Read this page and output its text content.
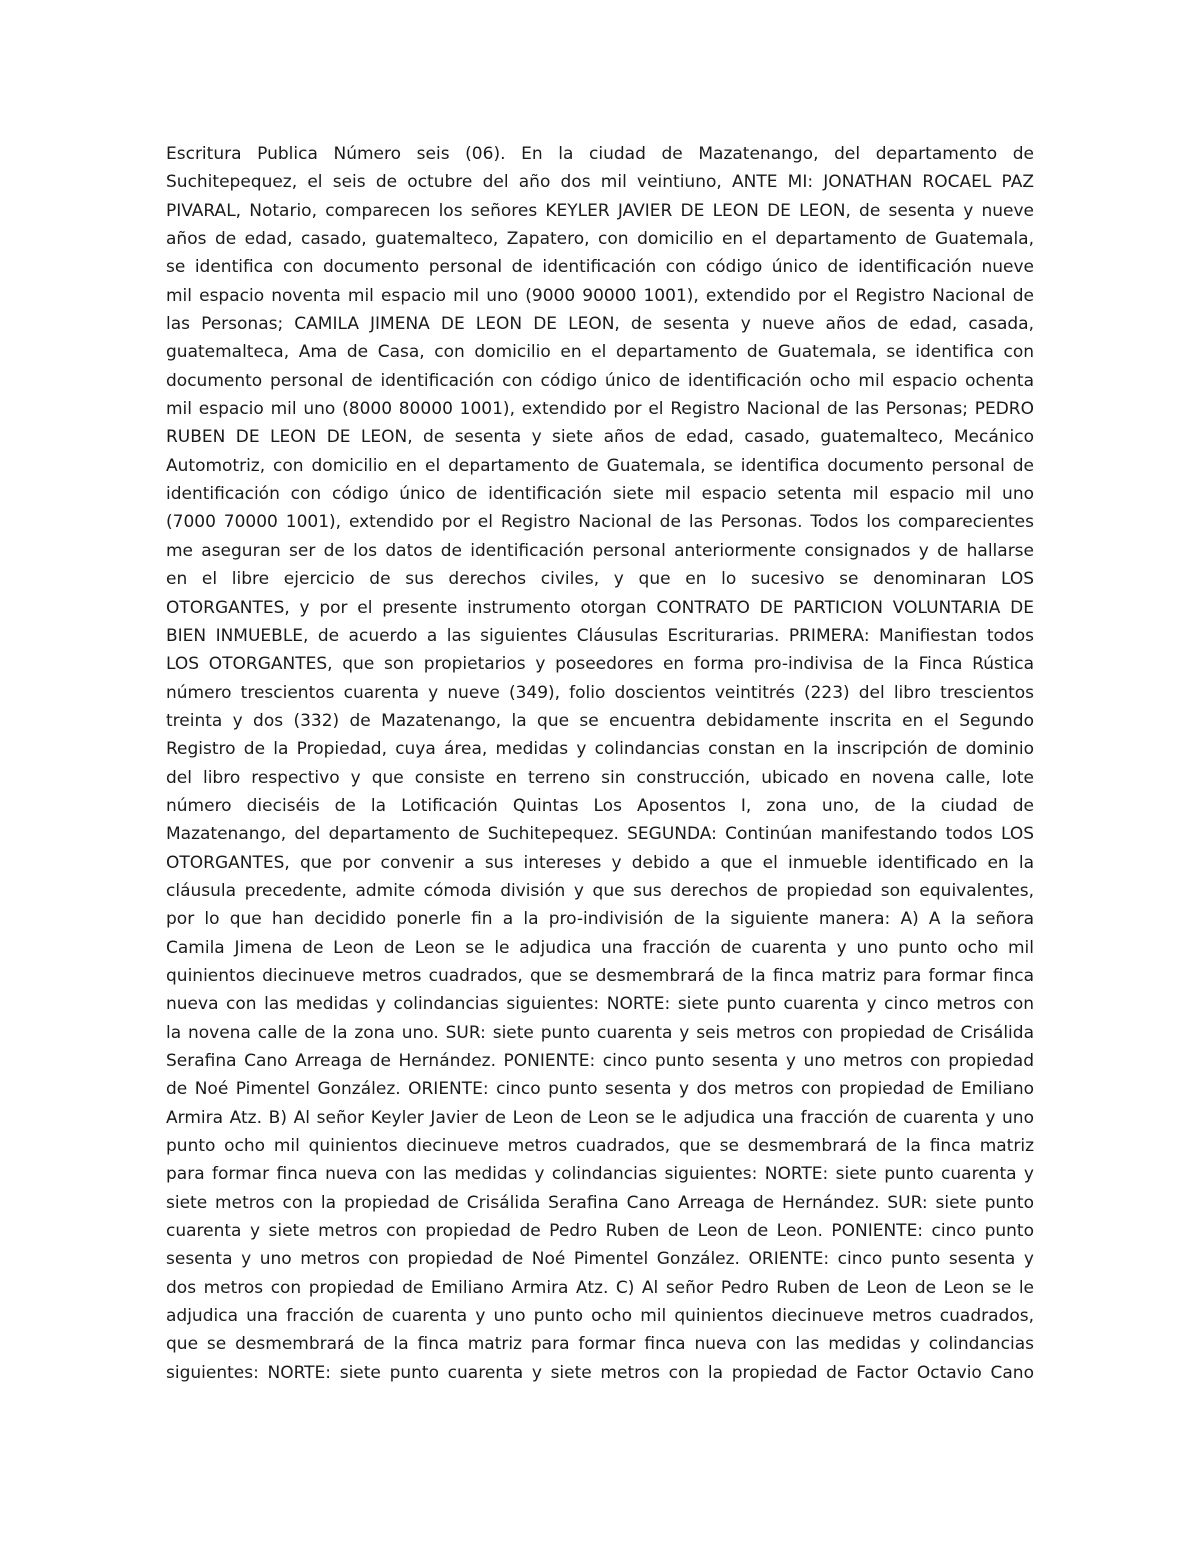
Escritura Publica Número seis (06). En la ciudad de Mazatenango, del departamento de
Suchitepequez, el seis de octubre del año dos mil veintiuno, ANTE MI: JONATHAN ROCAEL PAZ
PIVARAL, Notario, comparecen los señores KEYLER JAVIER DE LEON DE LEON, de sesenta y nueve
años de edad, casado, guatemalteco, Zapatero, con domicilio en el departamento de Guatemala,
se identifica con documento personal de identificación con código único de identificación nueve
mil espacio noventa mil espacio mil uno (9000 90000 1001), extendido por el Registro Nacional de
las Personas; CAMILA JIMENA DE LEON DE LEON, de sesenta y nueve años de edad, casada,
guatemalteca, Ama de Casa, con domicilio en el departamento de Guatemala, se identifica con
documento personal de identificación con código único de identificación ocho mil espacio ochenta
mil espacio mil uno (8000 80000 1001), extendido por el Registro Nacional de las Personas; PEDRO
RUBEN DE LEON DE LEON, de sesenta y siete años de edad, casado, guatemalteco, Mecánico
Automotriz, con domicilio en el departamento de Guatemala, se identifica documento personal de
identificación con código único de identificación siete mil espacio setenta mil espacio mil uno
(7000 70000 1001), extendido por el Registro Nacional de las Personas. Todos los comparecientes
me aseguran ser de los datos de identificación personal anteriormente consignados y de hallarse
en el libre ejercicio de sus derechos civiles, y que en lo sucesivo se denominaran LOS
OTORGANTES, y por el presente instrumento otorgan CONTRATO DE PARTICION VOLUNTARIA DE
BIEN INMUEBLE, de acuerdo a las siguientes Cláusulas Escriturarias. PRIMERA: Manifiestan todos
LOS OTORGANTES, que son propietarios y poseedores en forma pro-indivisa de la Finca Rústica
número trescientos cuarenta y nueve (349), folio doscientos veintitrés (223) del libro trescientos
treinta y dos (332) de Mazatenango, la que se encuentra debidamente inscrita en el Segundo
Registro de la Propiedad, cuya área, medidas y colindancias constan en la inscripción de dominio
del libro respectivo y que consiste en terreno sin construcción, ubicado en novena calle, lote
número dieciséis de la Lotificación Quintas Los Aposentos I, zona uno, de la ciudad de
Mazatenango, del departamento de Suchitepequez. SEGUNDA: Continúan manifestando todos LOS
OTORGANTES, que por convenir a sus intereses y debido a que el inmueble identificado en la
cláusula precedente, admite cómoda división y que sus derechos de propiedad son equivalentes,
por lo que han decidido ponerle fin a la pro-indivisión de la siguiente manera: A) A la señora
Camila Jimena de Leon de Leon se le adjudica una fracción de cuarenta y uno punto ocho mil
quinientos diecinueve metros cuadrados, que se desmembrará de la finca matriz para formar finca
nueva con las medidas y colindancias siguientes: NORTE: siete punto cuarenta y cinco metros con
la novena calle de la zona uno. SUR: siete punto cuarenta y seis metros con propiedad de Crisálida
Serafina Cano Arreaga de Hernández. PONIENTE: cinco punto sesenta y uno metros con propiedad
de Noé Pimentel González. ORIENTE: cinco punto sesenta y dos metros con propiedad de Emiliano
Armira Atz. B) Al señor Keyler Javier de Leon de Leon se le adjudica una fracción de cuarenta y uno
punto ocho mil quinientos diecinueve metros cuadrados, que se desmembrará de la finca matriz
para formar finca nueva con las medidas y colindancias siguientes: NORTE: siete punto cuarenta y
siete metros con la propiedad de Crisálida Serafina Cano Arreaga de Hernández. SUR: siete punto
cuarenta y siete metros con propiedad de Pedro Ruben de Leon de Leon. PONIENTE: cinco punto
sesenta y uno metros con propiedad de Noé Pimentel González. ORIENTE: cinco punto sesenta y
dos metros con propiedad de Emiliano Armira Atz. C) Al señor Pedro Ruben de Leon de Leon se le
adjudica una fracción de cuarenta y uno punto ocho mil quinientos diecinueve metros cuadrados,
que se desmembrará de la finca matriz para formar finca nueva con las medidas y colindancias
siguientes: NORTE: siete punto cuarenta y siete metros con la propiedad de Factor Octavio Cano
